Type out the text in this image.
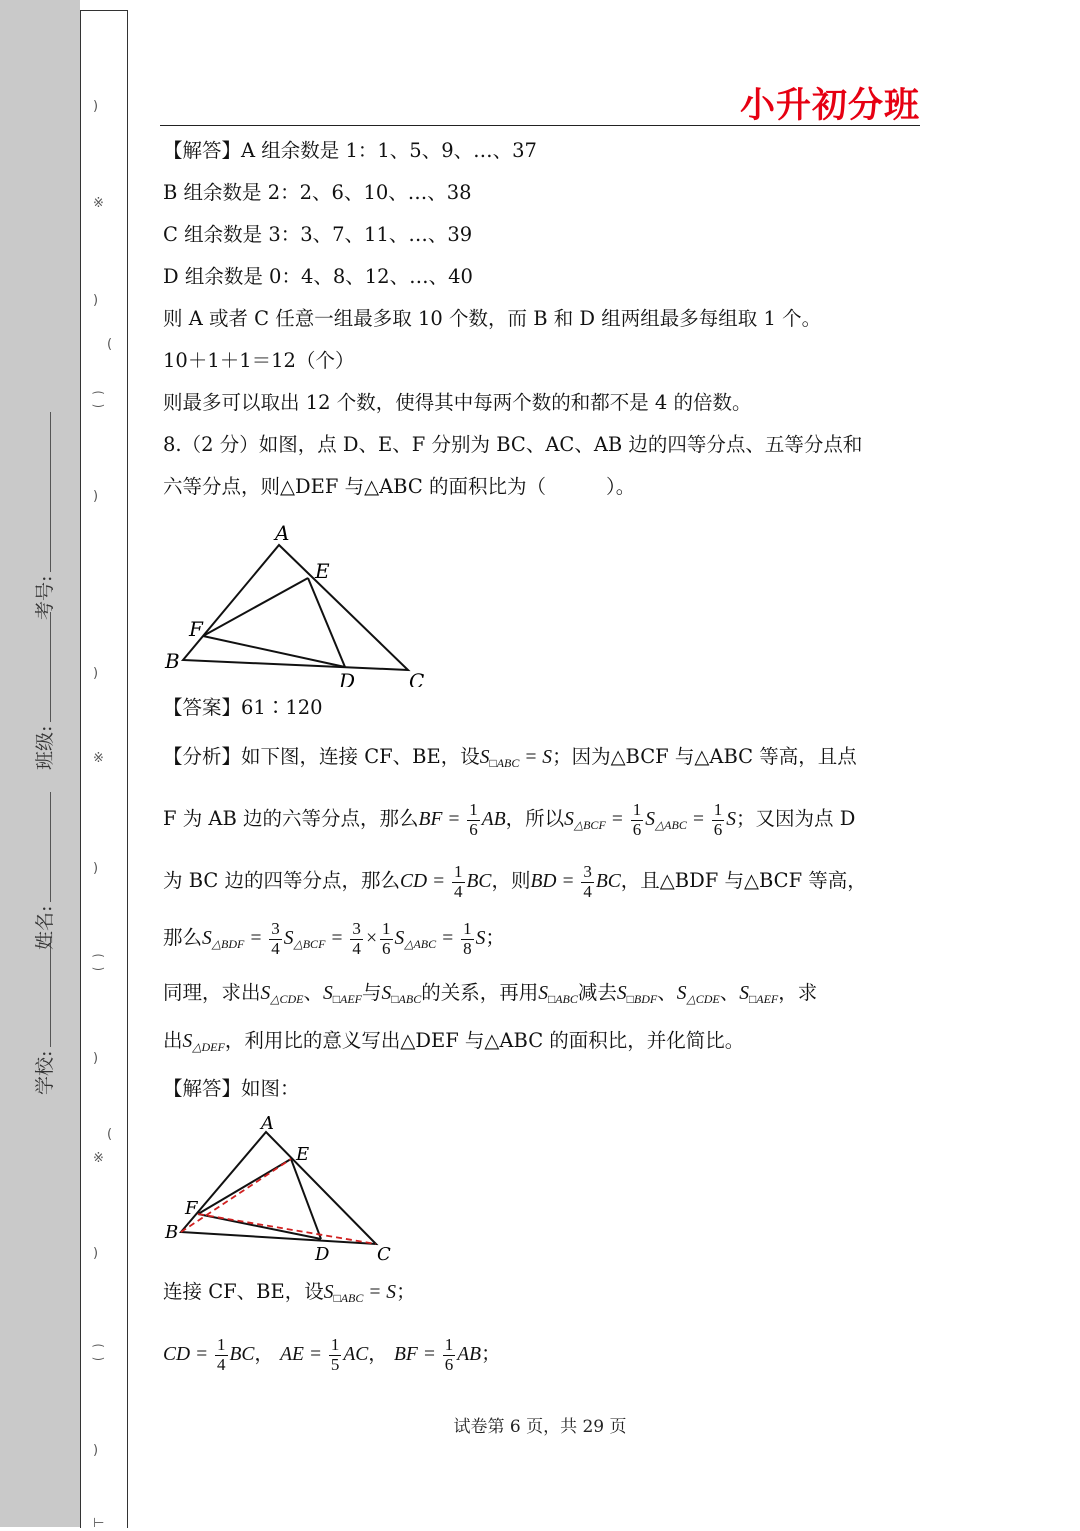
)
※
)
(
⁐
)
)
※
)
⁐
)
(
※
)
⁐
)
⊢
学校:
姓名:
班级:
考号:
小升初分班

【解答】A 组余数是 1：1、5、9、…、37

B 组余数是 2：2、6、10、…、38

C 组余数是 3：3、7、11、…、39

D 组余数是 0：4、8、12、…、40

则 A 或者 C 任意一组最多取 10 个数，而 B 和 D 组两组最多每组取 1 个。

10＋1＋1＝12（个）

则最多可以取出 12 个数，使得其中每两个数的和都不是 4 的倍数。

8.（2 分）如图，点 D、E、F 分别为 BC、AC、AB 边的四等分点、五等分点和

六等分点，则△DEF 与△ABC 的面积比为（	）。

A
E
F
B
D	C

【答案】61∶120

【分析】如下图，连接 CF、BE，设$S_{□ABC} = S$；因为△BCF 与△ABC 等高，且点

F 为 AB 边的六等分点，那么BF = $\frac{1}{6}$ AB，所以$S_{\triangle BCF} = \frac{1}{6} S_{\triangle ABC} = \frac{1}{6}$ S；又因为点 D

为 BC 边的四等分点，那么CD = $\frac{1}{4}$ BC，则BD = $\frac{3}{4}$ BC，且△BDF 与△BCF 等高，

那么$S_{\triangle BDF} = \frac{3}{4} S_{\triangle BCF} = \frac{3}{4} \times \frac{1}{6} S_{\triangle ABC} = \frac{1}{8}$ S；

同理，求出$S_{\triangle CDE}$、$S_{□AEF}$与$S_{□ABC}$的关系，再用$S_{□ABC}$减去$S_{□BDF}$、$S_{\triangle CDE}$、$S_{□AEF}$，求

出$S_{\triangle DEF}$，利用比的意义写出△DEF 与△ABC 的面积比，并化简比。

【解答】如图：

A
E
F
B
D	C

连接 CF、BE，设$S_{□ABC} = S$；

CD = $\frac{1}{4}$ BC， AE = $\frac{1}{5}$ AC， BF = $\frac{1}{6}$ AB；

试卷第 6 页，共 29 页
